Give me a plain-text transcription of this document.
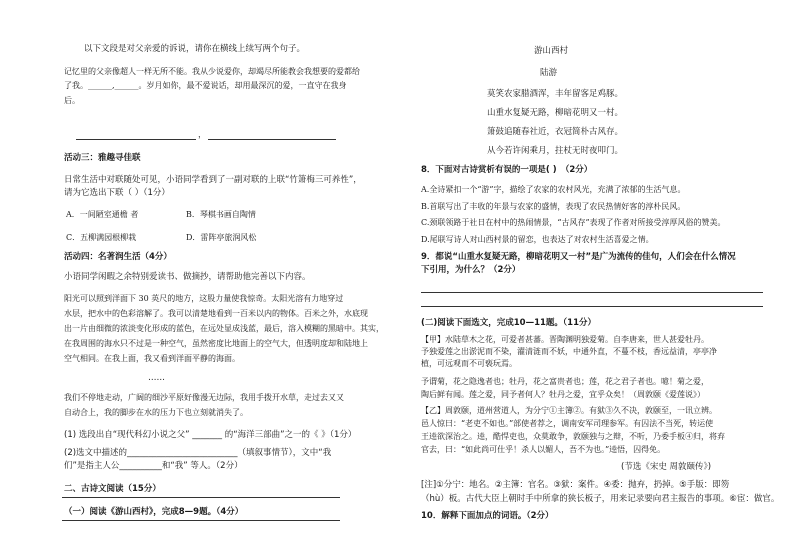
以下文段是对父亲爱的诉说，请你在横线上续写两个句子。
记忆里的父亲像超人一样无所不能。我从少说爱你，却竭尽所能教会我想要的爱都给
了我。______,______。岁月如你，最不爱说话，却用最深沉的爱，一直守在我身
后。
，
活动三：雅趣寻佳联
日常生活中对联随处可见，小语同学看到了一副对联的上联“竹箫梅三可养性”，
请为它选出下联（ ）（1分）
A．一间陋室通檐 者	B．琴棋书画自陶情
C．五柳满园根柳栽	D．雷阵亭旅润风松
活动四：名著润生活（4分）
小语同学闲暇之余特别爱读书、做摘抄，请帮助他完善以下内容。
阳光可以照到洋面下 30 英尺的地方，这股力量使我惊奇。太阳光溶有力地穿过
水层，把水中的色彩溶解了。我可以清楚地看到一百米以内的物体。百米之外，水底现
出一片由细微的浓淡变化形成的蓝色，在远处显成浅蓝，最后，溶入模糊的黑暗中。其实，
在我周围的海水只不过是一种空气，虽然密度比地面上的空气大，但透明度却和陆地上
空气相同。在我上面，我又看到洋面平静的海面。
……
我们不停地走动，广阔的细沙平原好像漫无边际，我用手拨开水草，走过去又又
自动合上，我的脚步在水的压力下也立刻就消失了。
(1) 选段出自“现代科幻小说之父” _______ 的“海洋三部曲”之一的《 》（1分）
(2)选文中描述的__________________________（填叙事情节），文中“我
们”是指主人公__________和“我” 等人。（2分）
二、古诗文阅读（15分）
（一）阅读《游山西村》，完成8—9题。（4分）
游山西村
陆游
莫笑农家腊酒浑，丰年留客足鸡豚。
山重水复疑无路，柳暗花明又一村。
箫鼓追随春社近，衣冠简朴古风存。
从今若许闲乘月，拄杖无时夜叩门。
8．下面对古诗赏析有误的一项是( )　（2分）
A.全诗紧扣一个“游”字，描绘了农家的农村风光，充满了浓郁的生活气息。
B.首联写出了丰收的年景与农家的盛情，表现了农民热情好客的淳朴民风。
C.颈联领路于社日在村中的热闹情景，“古风存”表现了作者对所接受淳厚风俗的赞美。
D.尾联写诗人对山西村景的留恋，也表达了对农村生活喜爱之情。
9．都说“山重水复疑无路，柳暗花明又一村”是广为流传的佳句，人们会在什么情况
下引用，为什么？（2分）
(二)阅读下面选文，完成10—11题。（11分）
【甲】水陆草木之花，可爱者甚蕃。晋陶渊明独爱菊。自李唐来，世人甚爱牡丹。
予独爱莲之出淤泥而不染，濯清涟而不妖，中通外直，不蔓不枝，香远益清，亭亭净
植，可远观而不可亵玩焉。
予谓菊，花之隐逸者也；牡丹，花之富贵者也；莲，花之君子者也。噫！菊之爱，
陶后鲜有闻。莲之爱，同予者何人？牡丹之爱，宜乎众矣！（周敦颐《爱莲说》）
【乙】周敦颐，道州营道人，为分宁①主簿②。有狱③久不决，敦颐至，一讯立辨。
邑人惊曰：“老吏不如也。”部使者荐之，调南安军司理参军。有囚法不当死，转运使
王逵欲深治之。逵，酷悍吏也，众莫敢争，敦颐独与之辩，不听，乃委手板④归，将弃
官去，曰：“如此尚可仕乎！杀人以媚人，吾不为也。”逵悟，囚得免。
(节选《宋史 周敦颐传》)
[注]①分宁：地名。②主簿：官名。③狱：案件。④委：抛弃，扔掉。⑤手版：即笏
（hù）板。古代大臣上朝时手中所拿的狭长板子，用来记录要向君主报告的事项。⑥宦：做官。
10．解释下面加点的词语。（2分）
